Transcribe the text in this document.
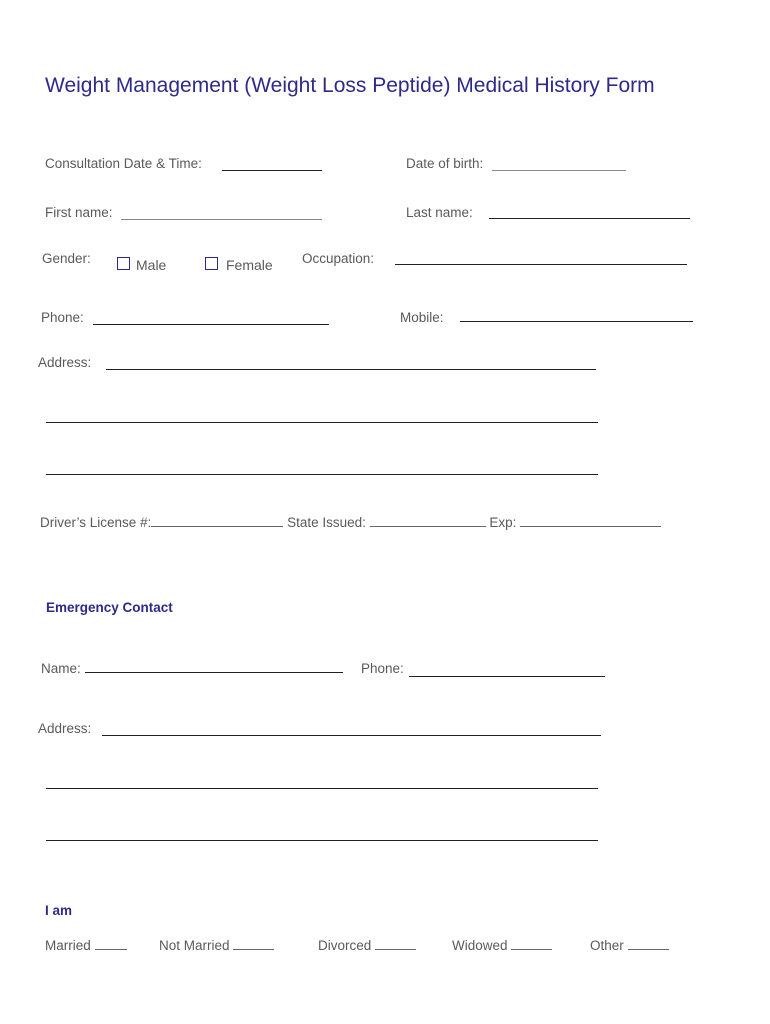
Weight Management (Weight Loss Peptide) Medical History Form
Consultation Date & Time:	Date of birth:
First name:	Last name:
Gender:	Male	Female Occupation:
Phone:	Mobile:
Address:
Driver’s License #:	State Issued:	Exp:
Emergency Contact
Name:	Phone:
Address:
I am
Married	Not Married	Divorced	Widowed	Other
